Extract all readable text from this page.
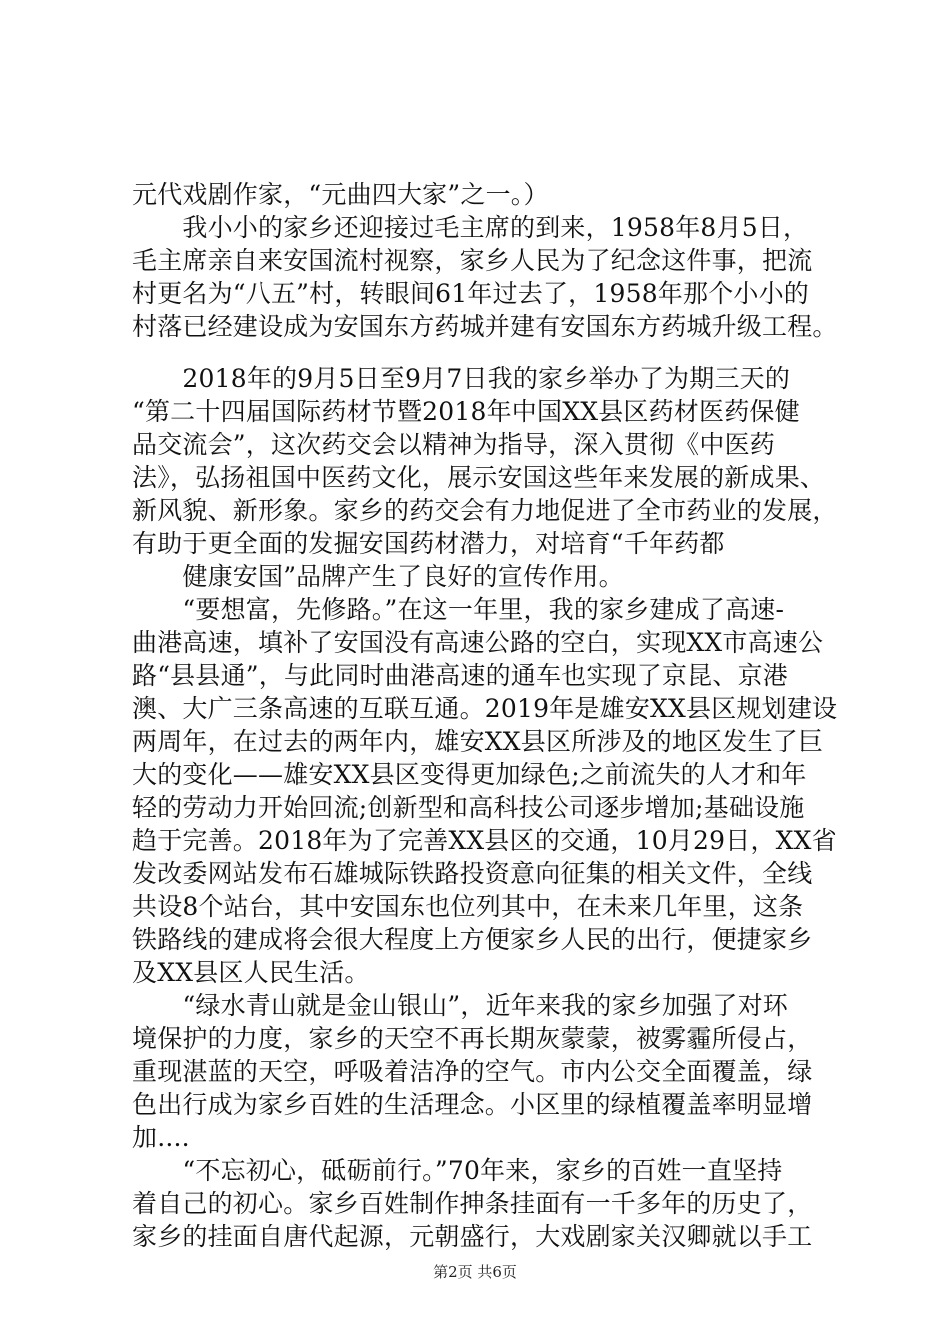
元代戏剧作家，“元曲四大家”之一。）
　　我小小的家乡还迎接过毛主席的到来，1958年8月5日，
毛主席亲自来安国流村视察，家乡人民为了纪念这件事，把流
村更名为“八五”村，转眼间61年过去了，1958年那个小小的
村落已经建设成为安国东方药城并建有安国东方药城升级工程。
　　2018年的9月5日至9月7日我的家乡举办了为期三天的
“第二十四届国际药材节暨2018年中国XX县区药材医药保健
品交流会”，这次药交会以精神为指导，深入贯彻《中医药
法》，弘扬祖国中医药文化，展示安国这些年来发展的新成果、
新风貌、新形象。家乡的药交会有力地促进了全市药业的发展，
有助于更全面的发掘安国药材潜力，对培育“千年药都
　　健康安国”品牌产生了良好的宣传作用。
　　“要想富，先修路。”在这一年里，我的家乡建成了高速-
曲港高速，填补了安国没有高速公路的空白，实现XX市高速公
路“县县通”，与此同时曲港高速的通车也实现了京昆、京港
澳、大广三条高速的互联互通。2019年是雄安XX县区规划建设
两周年，在过去的两年内，雄安XX县区所涉及的地区发生了巨
大的变化——雄安XX县区变得更加绿色;之前流失的人才和年
轻的劳动力开始回流;创新型和高科技公司逐步增加;基础设施
趋于完善。2018年为了完善XX县区的交通，10月29日，XX省
发改委网站发布石雄城际铁路投资意向征集的相关文件，全线
共设8个站台，其中安国东也位列其中，在未来几年里，这条
铁路线的建成将会很大程度上方便家乡人民的出行，便捷家乡
及XX县区人民生活。
　　“绿水青山就是金山银山”，近年来我的家乡加强了对环
境保护的力度，家乡的天空不再长期灰蒙蒙，被雾霾所侵占，
重现湛蓝的天空，呼吸着洁净的空气。市内公交全面覆盖，绿
色出行成为家乡百姓的生活理念。小区里的绿植覆盖率明显增
加....
　　“不忘初心，砥砺前行。”70年来，家乡的百姓一直坚持
着自己的初心。家乡百姓制作抻条挂面有一千多年的历史了，
家乡的挂面自唐代起源，元朝盛行，大戏剧家关汉卿就以手工
第2页 共6页
